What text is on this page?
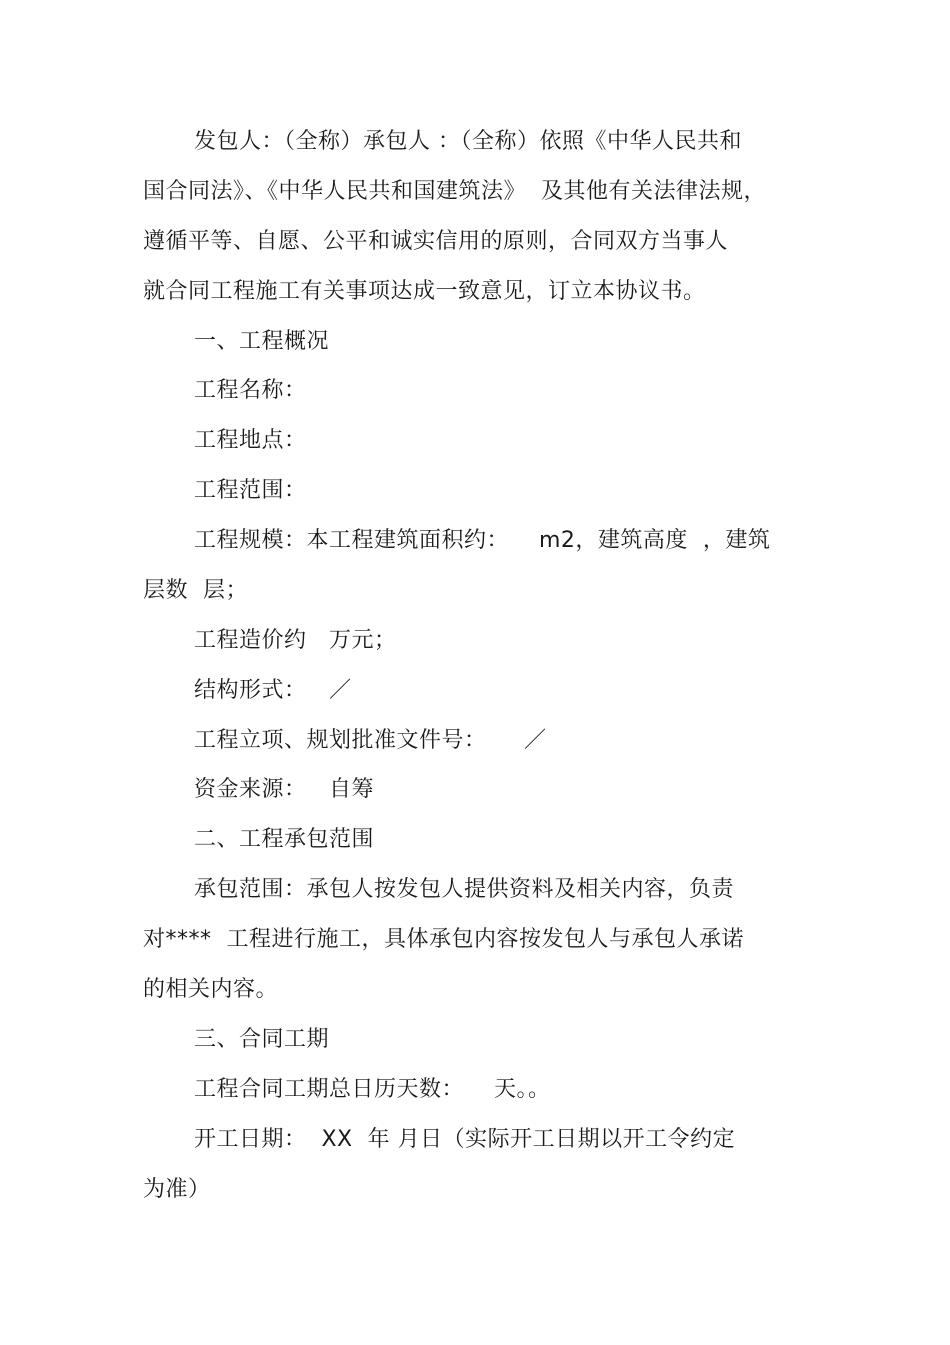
发包人：（全称）承包人 ：（全称）依照《中华人民共和
国合同法》、《中华人民共和国建筑法》  及其他有关法律法规，
遵循平等、自愿、公平和诚实信用的原则，合同双方当事人
就合同工程施工有关事项达成一致意见，订立本协议书。
一、工程概况
工程名称：
工程地点：
工程范围：
工程规模：本工程建筑面积约：    m2，建筑高度  ，建筑
层数  层；
工程造价约   万元；
结构形式：   ／
工程立项、规划批准文件号：     ／
资金来源：   自筹
二、工程承包范围
承包范围：承包人按发包人提供资料及相关内容，负责
对****  工程进行施工，具体承包内容按发包人与承包人承诺
的相关内容。
三、合同工期
工程合同工期总日历天数：    天。。
开工日期：  XX  年 月日（实际开工日期以开工令约定
为准）
